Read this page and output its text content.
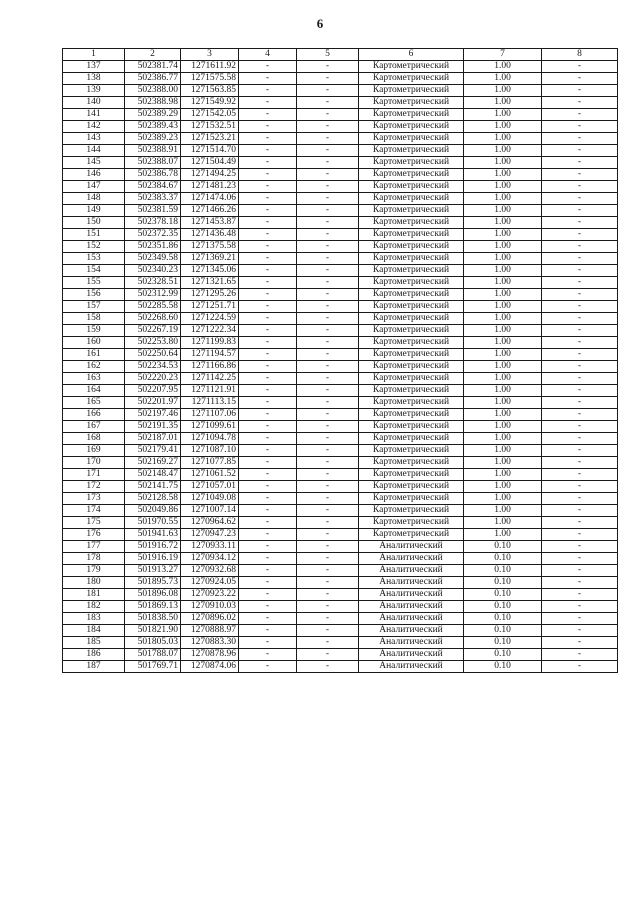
6
1	2	3	4	5	6	7	8
137	502381.74	1271611.92	-	-	Картометрический	1.00	-
138	502386.77	1271575.58	-	-	Картометрический	1.00	-
139	502388.00	1271563.85	-	-	Картометрический	1.00	-
140	502388.98	1271549.92	-	-	Картометрический	1.00	-
141	502389.29	1271542.05	-	-	Картометрический	1.00	-
142	502389.43	1271532.51	-	-	Картометрический	1.00	-
143	502389.23	1271523.21	-	-	Картометрический	1.00	-
144	502388.91	1271514.70	-	-	Картометрический	1.00	-
145	502388.07	1271504.49	-	-	Картометрический	1.00	-
146	502386.78	1271494.25	-	-	Картометрический	1.00	-
147	502384.67	1271481.23	-	-	Картометрический	1.00	-
148	502383.37	1271474.06	-	-	Картометрический	1.00	-
149	502381.59	1271466.26	-	-	Картометрический	1.00	-
150	502378.18	1271453.87	-	-	Картометрический	1.00	-
151	502372.35	1271436.48	-	-	Картометрический	1.00	-
152	502351.86	1271375.58	-	-	Картометрический	1.00	-
153	502349.58	1271369.21	-	-	Картометрический	1.00	-
154	502340.23	1271345.06	-	-	Картометрический	1.00	-
155	502328.51	1271321.65	-	-	Картометрический	1.00	-
156	502312.99	1271295.26	-	-	Картометрический	1.00	-
157	502285.58	1271251.71	-	-	Картометрический	1.00	-
158	502268.60	1271224.59	-	-	Картометрический	1.00	-
159	502267.19	1271222.34	-	-	Картометрический	1.00	-
160	502253.80	1271199.83	-	-	Картометрический	1.00	-
161	502250.64	1271194.57	-	-	Картометрический	1.00	-
162	502234.53	1271166.86	-	-	Картометрический	1.00	-
163	502220.23	1271142.25	-	-	Картометрический	1.00	-
164	502207.95	1271121.91	-	-	Картометрический	1.00	-
165	502201.97	1271113.15	-	-	Картометрический	1.00	-
166	502197.46	1271107.06	-	-	Картометрический	1.00	-
167	502191.35	1271099.61	-	-	Картометрический	1.00	-
168	502187.01	1271094.78	-	-	Картометрический	1.00	-
169	502179.41	1271087.10	-	-	Картометрический	1.00	-
170	502169.27	1271077.85	-	-	Картометрический	1.00	-
171	502148.47	1271061.52	-	-	Картометрический	1.00	-
172	502141.75	1271057.01	-	-	Картометрический	1.00	-
173	502128.58	1271049.08	-	-	Картометрический	1.00	-
174	502049.86	1271007.14	-	-	Картометрический	1.00	-
175	501970.55	1270964.62	-	-	Картометрический	1.00	-
176	501941.63	1270947.23	-	-	Картометрический	1.00	-
177	501916.72	1270933.11	-	-	Аналитический	0.10	-
178	501916.19	1270934.12	-	-	Аналитический	0.10	-
179	501913.27	1270932.68	-	-	Аналитический	0.10	-
180	501895.73	1270924.05	-	-	Аналитический	0.10	-
181	501896.08	1270923.22	-	-	Аналитический	0.10	-
182	501869.13	1270910.03	-	-	Аналитический	0.10	-
183	501838.50	1270896.02	-	-	Аналитический	0.10	-
184	501821.90	1270888.97	-	-	Аналитический	0.10	-
185	501805.03	1270883.30	-	-	Аналитический	0.10	-
186	501788.07	1270878.96	-	-	Аналитический	0.10	-
187	501769.71	1270874.06	-	-	Аналитический	0.10	-
